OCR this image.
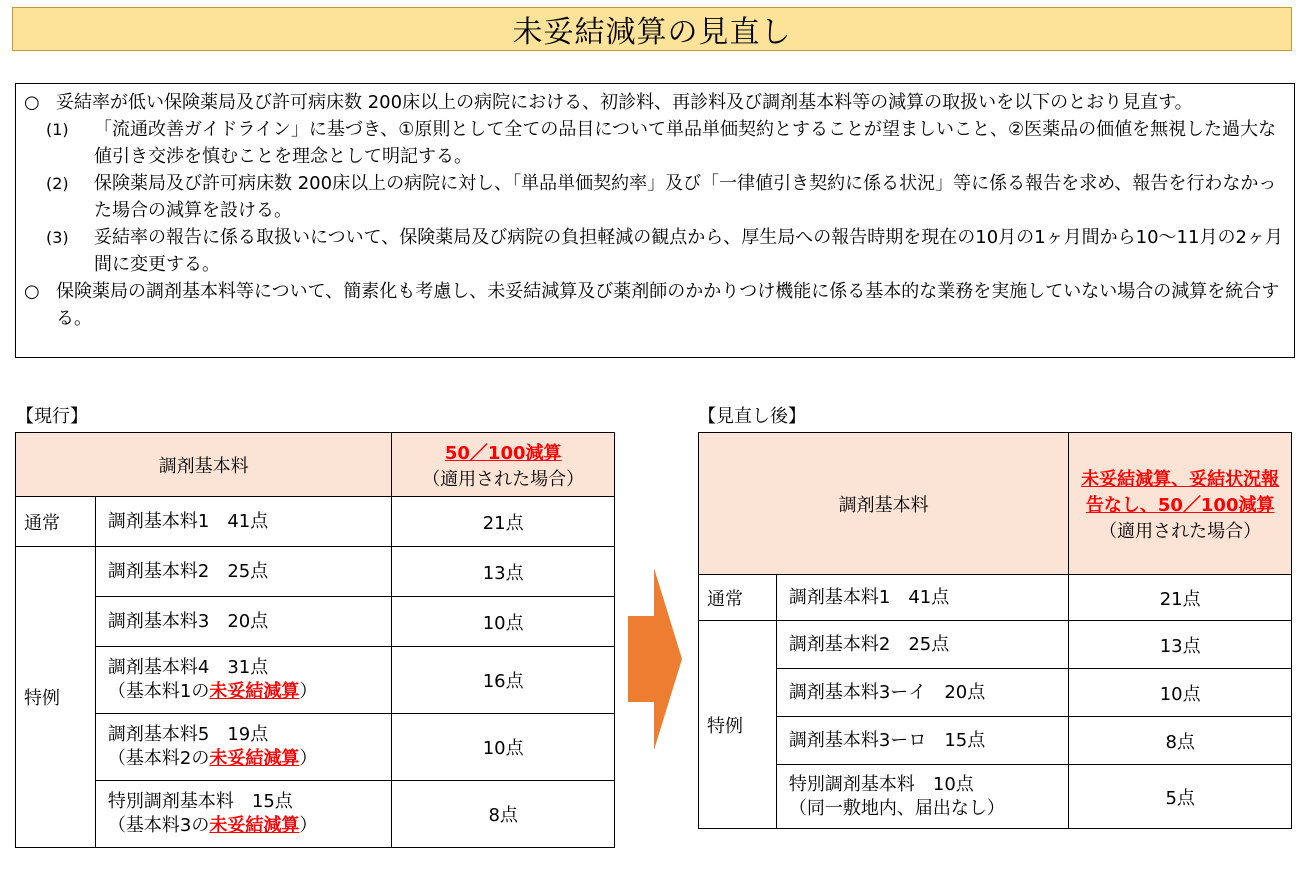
未妥結減算の見直し
○ 妥結率が低い保険薬局及び許可病床数 200床以上の病院における、初診料、再診料及び調剤基本料等の減算の取扱いを以下のとおり見直す。
(1)	「流通改善ガイドライン」に基づき、①原則として全ての品目について単品単価契約とすることが望ましいこと、②医薬品の価値を無視した過大な値引き交渉を慎むことを理念として明記する。
(2)	保険薬局及び許可病床数 200床以上の病院に対し、「単品単価契約率」及び「一律値引き契約に係る状況」等に係る報告を求め、報告を行わなかった場合の減算を設ける。
(3)	妥結率の報告に係る取扱いについて、保険薬局及び病院の負担軽減の観点から、厚生局への報告時期を現在の10月の1ヶ月間から10～11月の2ヶ月間に変更する。
○ 保険薬局の調剤基本料等について、簡素化も考慮し、未妥結減算及び薬剤師のかかりつけ機能に係る基本的な業務を実施していない場合の減算を統合する。
【現行】
調剤基本料		50／100減算
（適用された場合）

通常	調剤基本料1　41点	21点
特例	調剤基本料2　25点	13点
	調剤基本料3　20点	10点

	調剤基本料4　31点
（基本料1の未妥結減算）	16点

	調剤基本料5　19点
（基本料2の未妥結減算）	10点

	特別調剤基本料　15点
（基本料3の未妥結減算）	8点
【見直し後】
調剤基本料		未妥結減算、妥結状況報告なし、50／100減算
（適用された場合）

通常	調剤基本料1　41点	21点
特例	調剤基本料2　25点	13点
	調剤基本料3ーイ　20点	10点
	調剤基本料3ーロ　15点	8点

	特別調剤基本料　10点
（同一敷地内、届出なし）	5点
